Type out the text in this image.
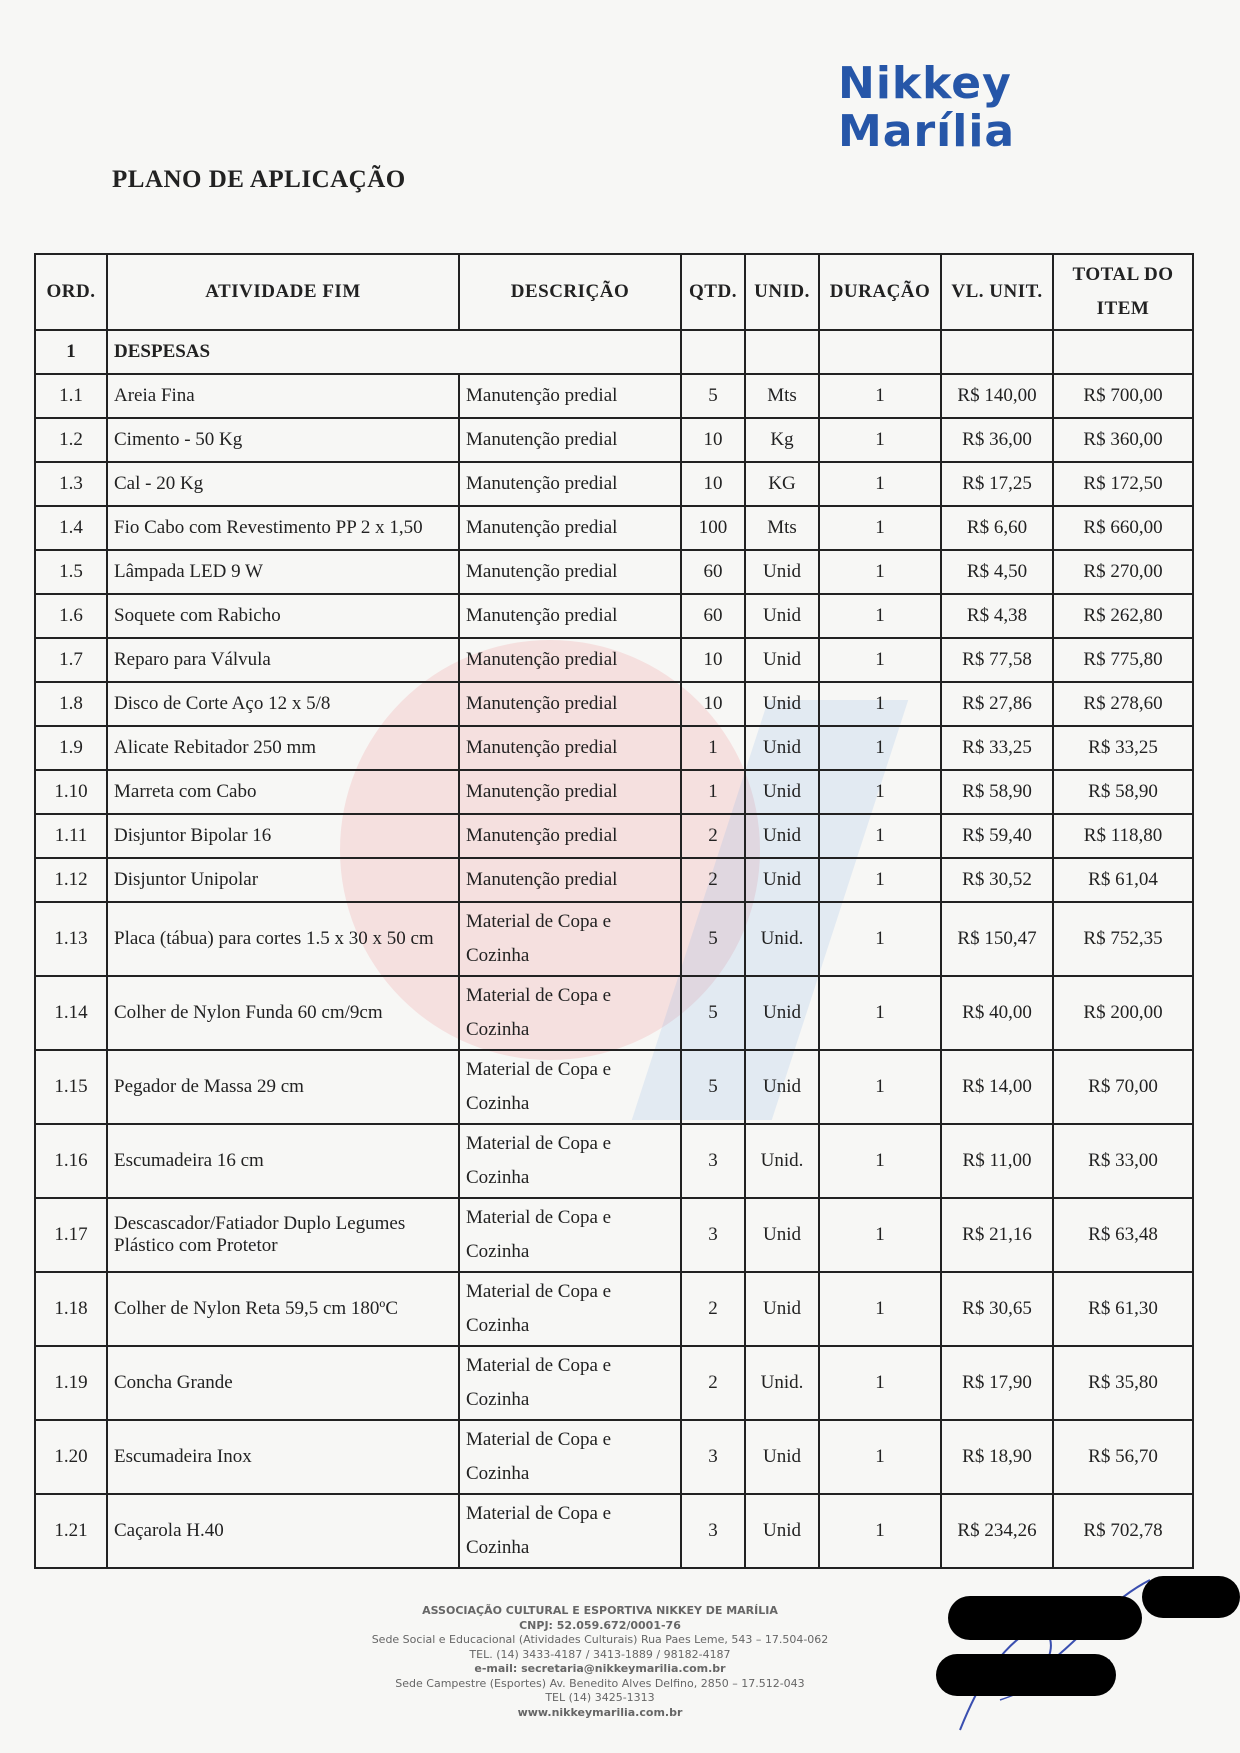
Nikkey
Marília
PLANO DE APLICAÇÃO
ORD.	ATIVIDADE FIM	DESCRIÇÃO	QTD.	UNID.	DURAÇÃO	VL. UNIT.	TOTAL DO ITEM
1	DESPESAS						
1.1	Areia Fina	Manutenção predial	5	Mts	1	R$ 140,00	R$ 700,00
1.2	Cimento - 50 Kg	Manutenção predial	10	Kg	1	R$ 36,00	R$ 360,00
1.3	Cal - 20 Kg	Manutenção predial	10	KG	1	R$ 17,25	R$ 172,50
1.4	Fio Cabo com Revestimento PP 2 x 1,50	Manutenção predial	100	Mts	1	R$ 6,60	R$ 660,00
1.5	Lâmpada LED 9 W	Manutenção predial	60	Unid	1	R$ 4,50	R$ 270,00
1.6	Soquete com Rabicho	Manutenção predial	60	Unid	1	R$ 4,38	R$ 262,80
1.7	Reparo para Válvula	Manutenção predial	10	Unid	1	R$ 77,58	R$ 775,80
1.8	Disco de Corte Aço 12 x 5/8	Manutenção predial	10	Unid	1	R$ 27,86	R$ 278,60
1.9	Alicate Rebitador 250 mm	Manutenção predial	1	Unid	1	R$ 33,25	R$ 33,25
1.10	Marreta com Cabo	Manutenção predial	1	Unid	1	R$ 58,90	R$ 58,90
1.11	Disjuntor Bipolar 16	Manutenção predial	2	Unid	1	R$ 59,40	R$ 118,80
1.12	Disjuntor Unipolar	Manutenção predial	2	Unid	1	R$ 30,52	R$ 61,04
1.13	Placa (tábua) para cortes 1.5 x 30 x 50 cm	Material de Copa e Cozinha	5	Unid.	1	R$ 150,47	R$ 752,35
1.14	Colher de Nylon Funda 60 cm/9cm	Material de Copa e Cozinha	5	Unid	1	R$ 40,00	R$ 200,00
1.15	Pegador de Massa 29 cm	Material de Copa e Cozinha	5	Unid	1	R$ 14,00	R$ 70,00
1.16	Escumadeira 16 cm	Material de Copa e Cozinha	3	Unid.	1	R$ 11,00	R$ 33,00
1.17	Descascador/Fatiador Duplo Legumes Plástico com Protetor	Material de Copa e Cozinha	3	Unid	1	R$ 21,16	R$ 63,48
1.18	Colher de Nylon Reta 59,5 cm 180ºC	Material de Copa e Cozinha	2	Unid	1	R$ 30,65	R$ 61,30
1.19	Concha Grande	Material de Copa e Cozinha	2	Unid.	1	R$ 17,90	R$ 35,80
1.20	Escumadeira Inox	Material de Copa e Cozinha	3	Unid	1	R$ 18,90	R$ 56,70
1.21	Caçarola H.40	Material de Copa e Cozinha	3	Unid	1	R$ 234,26	R$ 702,78
ASSOCIAÇÃO CULTURAL E ESPORTIVA NIKKEY DE MARÍLIA
CNPJ: 52.059.672/0001-76
Sede Social e Educacional (Atividades Culturais) Rua Paes Leme, 543 – 17.504-062
TEL. (14) 3433-4187 / 3413-1889 / 98182-4187
e-mail: secretaria@nikkeymarilia.com.br
Sede Campestre (Esportes) Av. Benedito Alves Delfino, 2850 – 17.512-043
TEL (14) 3425-1313
www.nikkeymarilia.com.br
